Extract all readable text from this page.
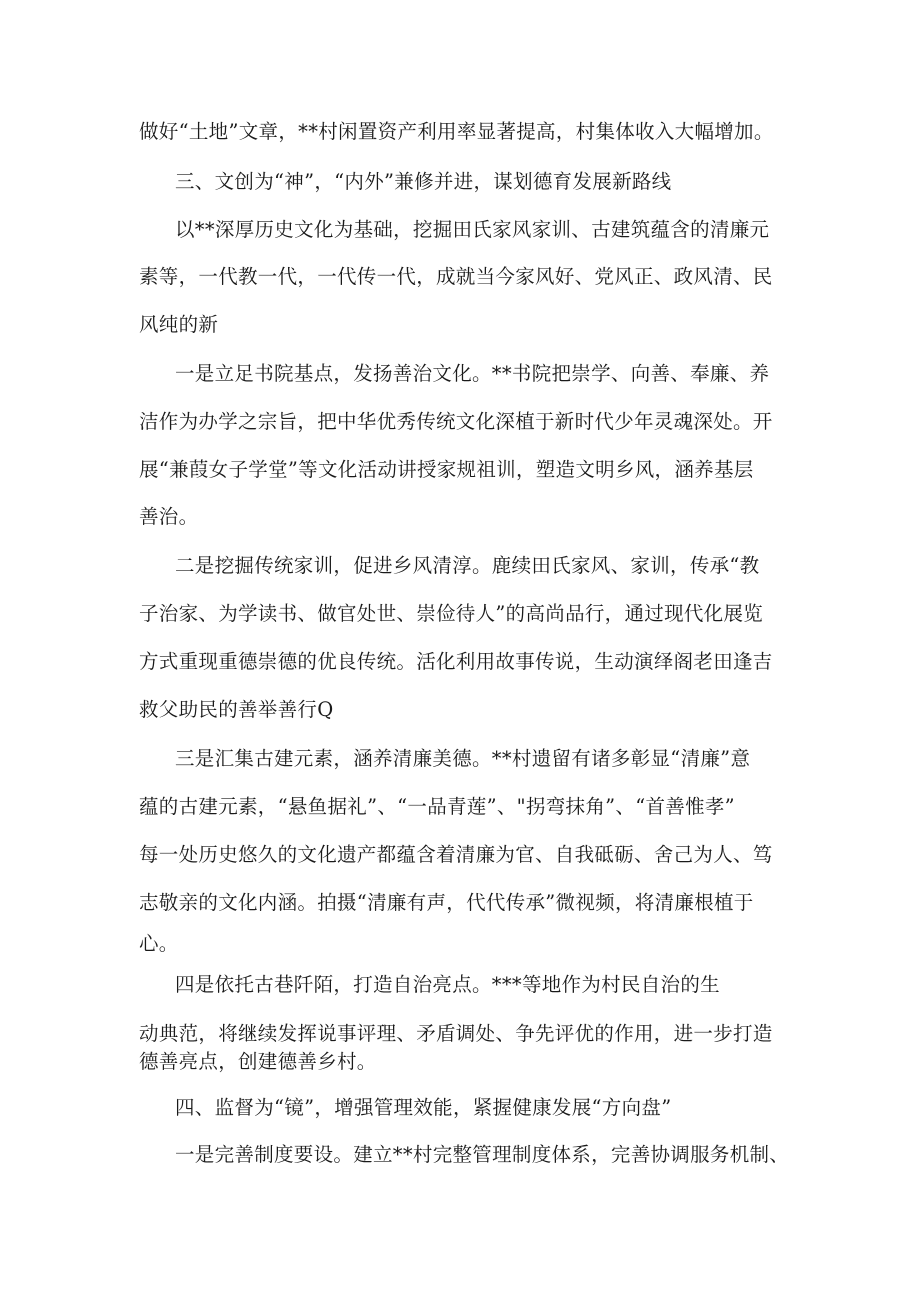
做好“土地”文章，**村闲置资产利用率显著提高，村集体收入大幅增加。
三、文创为“神”，“内外”兼修并进，谋划德育发展新路线
以**深厚历史文化为基础，挖掘田氏家风家训、古建筑蕴含的清廉元
素等，一代教一代，一代传一代，成就当今家风好、党风正、政风清、民
风纯的新
一是立足书院基点，发扬善治文化。**书院把崇学、向善、奉廉、养
洁作为办学之宗旨，把中华优秀传统文化深植于新时代少年灵魂深处。开
展“兼葭女子学堂”等文化活动讲授家规祖训，塑造文明乡风，涵养基层
善治。
二是挖掘传统家训，促进乡风清淳。鹿续田氏家风、家训，传承“教
子治家、为学读书、做官处世、崇俭待人”的高尚品行，通过现代化展览
方式重现重德崇德的优良传统。活化利用故事传说，生动演绎阁老田逢吉
救父助民的善举善行Q
三是汇集古建元素，涵养清廉美德。**村遗留有诸多彰显“清廉”意
蕴的古建元素，“悬鱼据礼”、“一品青莲”、"拐弯抹角”、“首善惟孝”
每一处历史悠久的文化遗产都蕴含着清廉为官、自我砥砺、舍己为人、笃
志敬亲的文化内涵。拍摄“清廉有声，代代传承”微视频，将清廉根植于
心。
四是依托古巷阡陌，打造自治亮点。***等地作为村民自治的生
动典范，将继续发挥说事评理、矛盾调处、争先评优的作用，进一步打造
德善亮点，创建德善乡村。
四、监督为“镜”，增强管理效能，紧握健康发展“方向盘”
一是完善制度要设。建立**村完整管理制度体系，完善协调服务机制、
